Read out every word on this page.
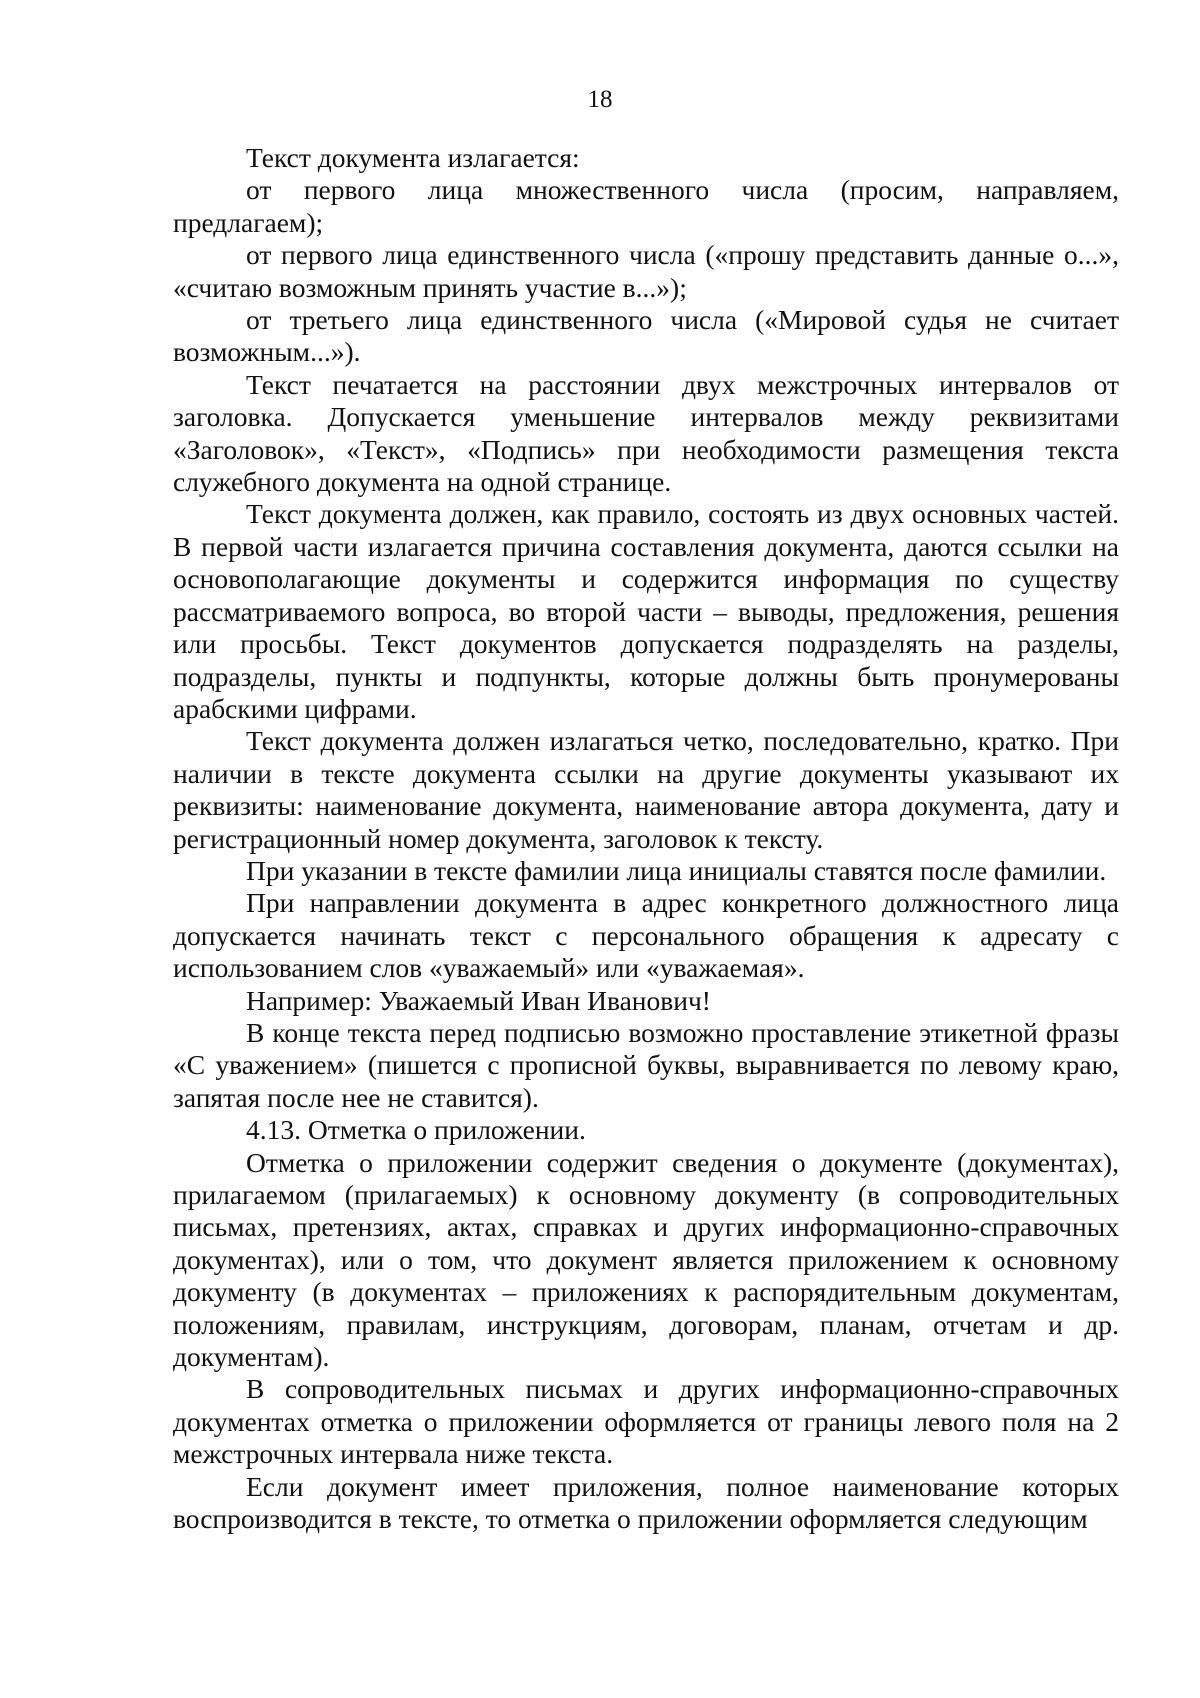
18

Текст документа излагается:

от первого лица множественного числа (просим, направляем, предлагаем);

от первого лица единственного числа («прошу представить данные о...», «считаю возможным принять участие в...»);

от третьего лица единственного числа («Мировой судья не считает возможным...»).

Текст печатается на расстоянии двух межстрочных интервалов от заголовка. Допускается уменьшение интервалов между реквизитами «Заголовок», «Текст», «Подпись» при необходимости размещения текста служебного документа на одной странице.

Текст документа должен, как правило, состоять из двух основных частей. В первой части излагается причина составления документа, даются ссылки на основополагающие документы и содержится информация по существу рассматриваемого вопроса, во второй части – выводы, предложения, решения или просьбы. Текст документов допускается подразделять на разделы, подразделы, пункты и подпункты, которые должны быть пронумерованы арабскими цифрами.

Текст документа должен излагаться четко, последовательно, кратко. При наличии в тексте документа ссылки на другие документы указывают их реквизиты: наименование документа, наименование автора документа, дату и регистрационный номер документа, заголовок к тексту.

При указании в тексте фамилии лица инициалы ставятся после фамилии.

При направлении документа в адрес конкретного должностного лица допускается начинать текст с персонального обращения к адресату с использованием слов «уважаемый» или «уважаемая».

Например: Уважаемый Иван Иванович!

В конце текста перед подписью возможно проставление этикетной фразы «С уважением» (пишется с прописной буквы, выравнивается по левому краю, запятая после нее не ставится).

4.13. Отметка о приложении.

Отметка о приложении содержит сведения о документе (документах), прилагаемом (прилагаемых) к основному документу (в сопроводительных письмах, претензиях, актах, справках и других информационно-справочных документах), или о том, что документ является приложением к основному документу (в документах – приложениях к распорядительным документам, положениям, правилам, инструкциям, договорам, планам, отчетам и др. документам).

В сопроводительных письмах и других информационно-справочных документах отметка о приложении оформляется от границы левого поля на 2 межстрочных интервала ниже текста.

Если документ имеет приложения, полное наименование которых воспроизводится в тексте, то отметка о приложении оформляется следующим
